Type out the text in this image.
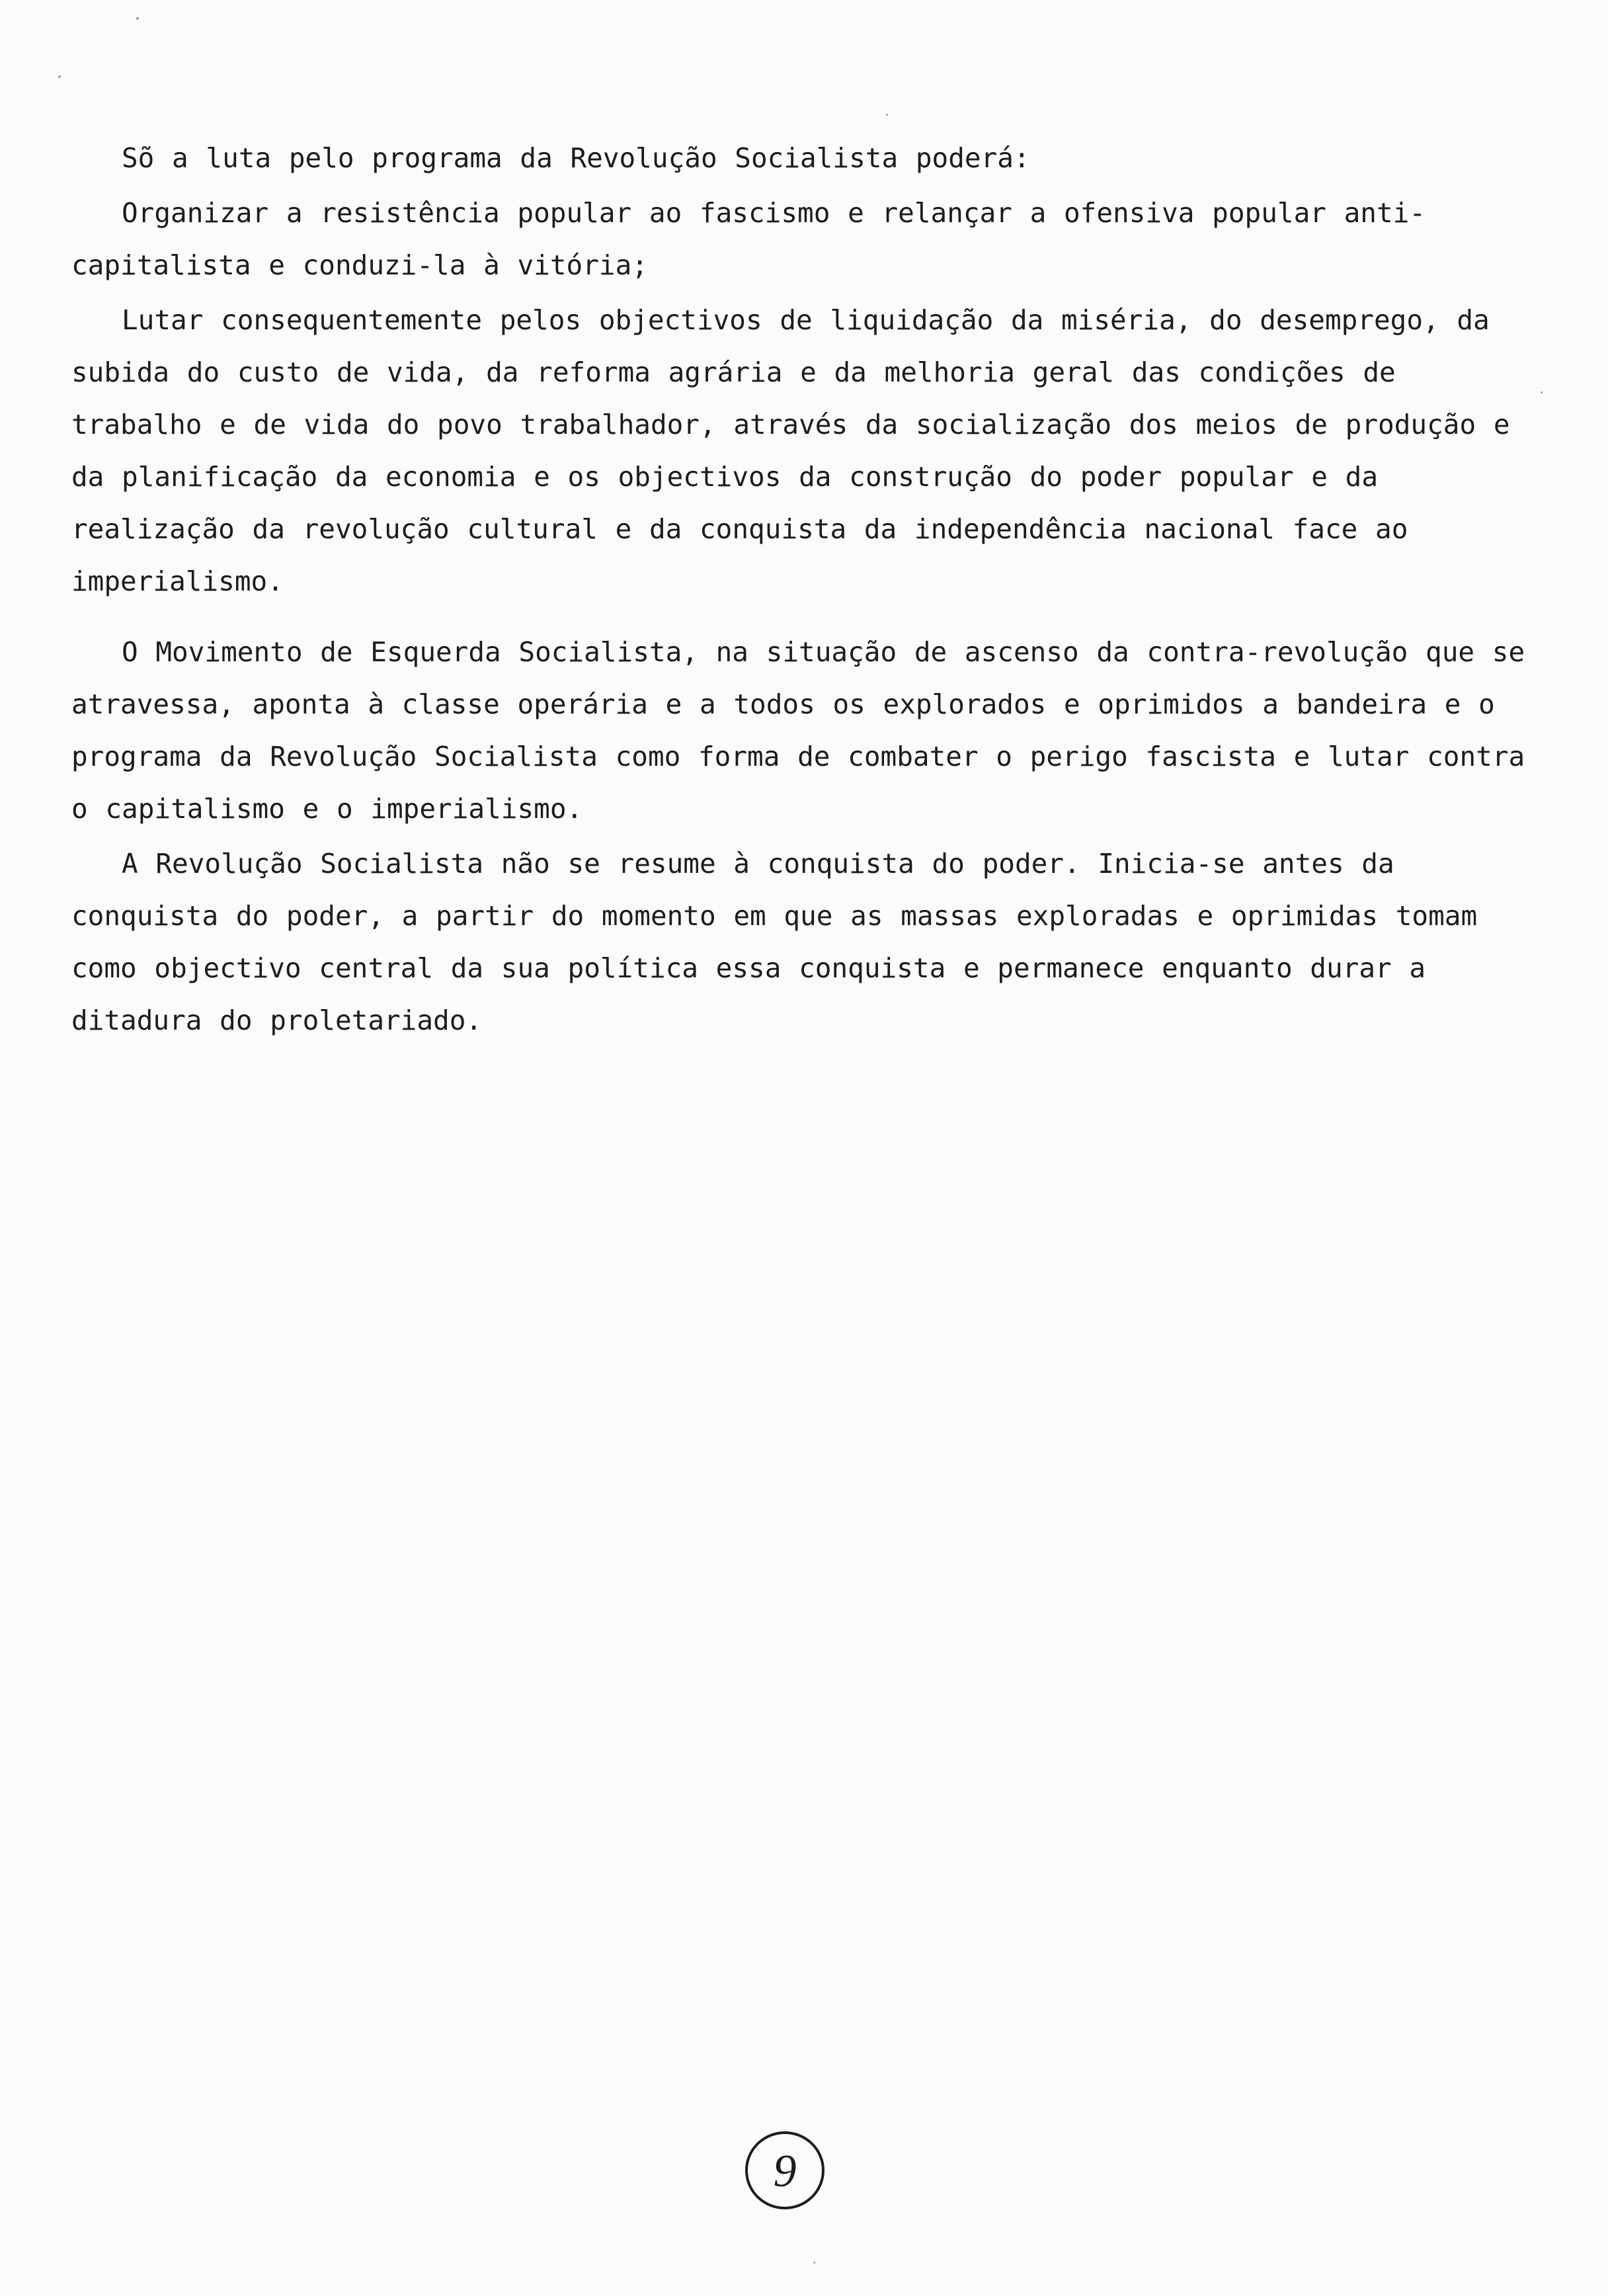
Sõ a luta pelo programa da Revolução Socialista poderá:

Organizar a resistência popular ao fascismo e relançar a ofensiva popular anti-capitalista e conduzi-la à vitória;

Lutar consequentemente pelos objectivos de liquidação da miséria, do desemprego, da subida do custo de vida, da reforma agrária e da melhoria geral das condições de trabalho e de vida do povo trabalhador, através da socialização dos meios de produção e da planificação da economia e os objectivos da construção do poder popular e da realização da revolução cultural e da conquista da independência nacional face ao imperialismo.

O Movimento de Esquerda Socialista, na situação de ascenso da contra-revolução que se atravessa, aponta à classe operária e a todos os explorados e oprimidos a bandeira e o programa da Revolução Socialista como forma de combater o perigo fascista e lutar contra o capitalismo e o imperialismo.

A Revolução Socialista não se resume à conquista do poder. Inicia-se antes da conquista do poder, a partir do momento em que as massas exploradas e oprimidas tomam como objectivo central da sua política essa conquista e permanece enquanto durar a ditadura do proletariado.

9
